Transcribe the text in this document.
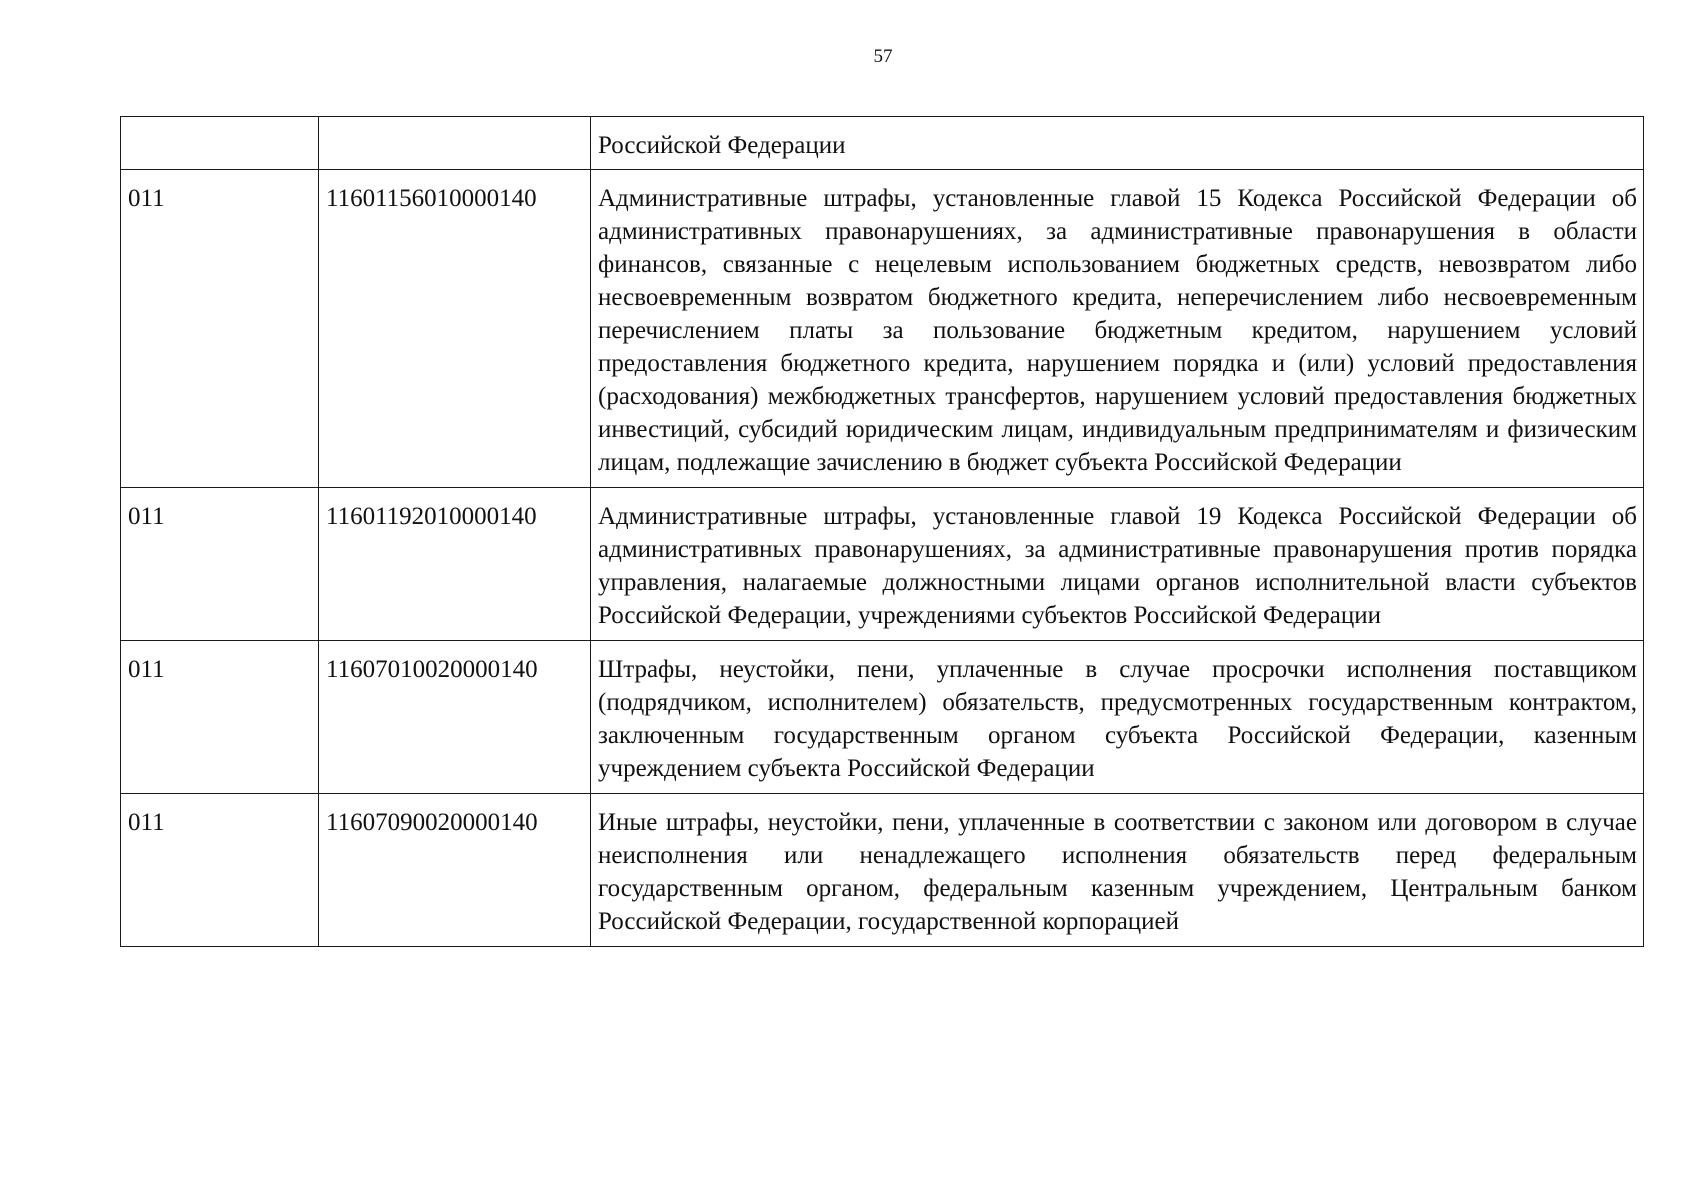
57
		Российской Федерации
011	11601156010000140	Административные штрафы, установленные главой 15 Кодекса Российской Федерации об административных правонарушениях, за административные правонарушения в области финансов, связанные с нецелевым использованием бюджетных средств, невозвратом либо несвоевременным возвратом бюджетного кредита, неперечислением либо несвоевременным перечислением платы за пользование бюджетным кредитом, нарушением условий предоставления бюджетного кредита, нарушением порядка и (или) условий предоставления (расходования) межбюджетных трансфертов, нарушением условий предоставления бюджетных инвестиций, субсидий юридическим лицам, индивидуальным предпринимателям и физическим лицам, подлежащие зачислению в бюджет субъекта Российской Федерации
011	11601192010000140	Административные штрафы, установленные главой 19 Кодекса Российской Федерации об административных правонарушениях, за административные правонарушения против порядка управления, налагаемые должностными лицами органов исполнительной власти субъектов Российской Федерации, учреждениями субъектов Российской Федерации
011	11607010020000140	Штрафы, неустойки, пени, уплаченные в случае просрочки исполнения поставщиком (подрядчиком, исполнителем) обязательств, предусмотренных государственным контрактом, заключенным государственным органом субъекта Российской Федерации, казенным учреждением субъекта Российской Федерации
011	11607090020000140	Иные штрафы, неустойки, пени, уплаченные в соответствии с законом или договором в случае неисполнения или ненадлежащего исполнения обязательств перед федеральным государственным органом, федеральным казенным учреждением, Центральным банком Российской Федерации, государственной корпорацией
